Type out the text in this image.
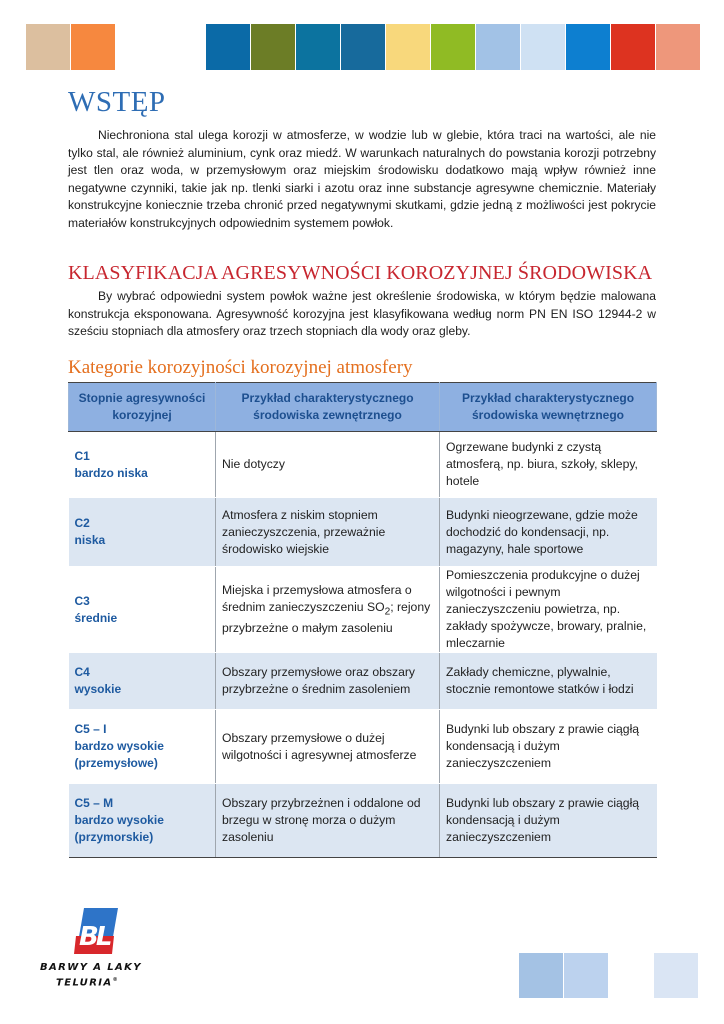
WSTĘP
Niechroniona stal ulega korozji w atmosferze, w wodzie lub w glebie, która traci na wartości, ale nie tylko stal, ale również aluminium, cynk oraz miedź. W warunkach naturalnych do powstania korozji potrzebny jest tlen oraz woda, w przemysłowym oraz miejskim środowisku dodatkowo mają wpływ również inne negatywne czynniki, takie jak np. tlenki siarki i azotu oraz inne substancje agresywne chemicznie. Materiały konstrukcyjne koniecznie trzeba chronić przed negatywnymi skutkami, gdzie jedną z możliwości jest pokrycie materiałów konstrukcyjnych odpowiednim systemem powłok.
KLASYFIKACJA AGRESYWNOŚCI KOROZYJNEJ ŚRODOWISKA
By wybrać odpowiedni system powłok ważne jest określenie środowiska, w którym będzie malowana konstrukcja eksponowana. Agresywność korozyjna jest klasyfikowana według norm PN EN ISO 12944-2 w sześciu stopniach dla atmosfery oraz trzech stopniach dla wody oraz gleby.
Kategorie korozyjności korozyjnej atmosfery
Stopnie agresywności korozyjnej	Przykład charakterystycznego środowiska zewnętrznego	Przykład charakterystycznego środowiska wewnętrznego

C1
bardzo niska	Nie dotyczy	Ogrzewane budynki z czystą atmosferą, np. biura, szkoły, sklepy, hotele

C2
niska	Atmosfera z niskim stopniem zanieczyszczenia, przeważnie środowisko wiejskie	Budynki nieogrzewane, gdzie może dochodzić do kondensacji, np. magazyny, hale sportowe

C3
średnie	Miejska i przemysłowa atmosfera o średnim zanieczyszczeniu $SO_2$; rejony przybrzeżne o małym zasoleniu	Pomieszczenia produkcyjne o dużej wilgotności i pewnym zanieczyszczeniu powietrza, np. zakłady spożywcze, browary, pralnie, mleczarnie

C4
wysokie	Obszary przemysłowe oraz obszary przybrzeżne o średnim zasoleniem	Zakłady chemiczne, plywalnie, stocznie remontowe statków i łodzi

C5 – I
bardzo wysokie
(przemysłowe)	Obszary przemysłowe o dużej wilgotności i agresywnej atmosferze	Budynki lub obszary z prawie ciągłą kondensacją i dużym zanieczyszczeniem

C5 – M
bardzo wysokie
(przymorskie)	Obszary przybrzeżnen i oddalone od brzegu w stronę morza o dużym zasoleniu	Budynki lub obszary z prawie ciągłą kondensacją i dużym zanieczyszczeniem
BL
BARWY A LAKY
TELURIA®
